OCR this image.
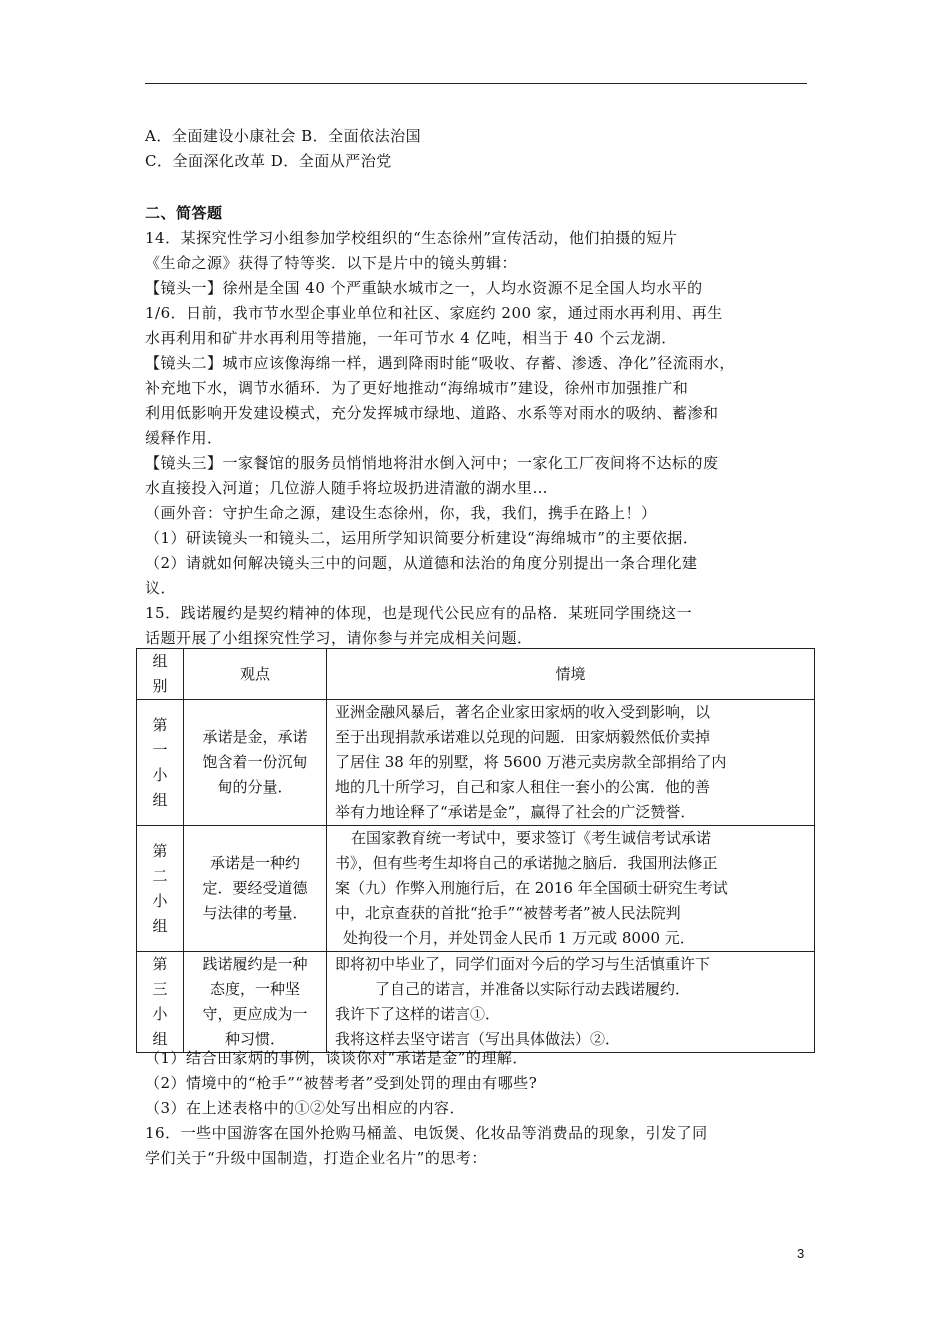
A．全面建设小康社会 B．全面依法治国
C．全面深化改革 D．全面从严治党
二、简答题
14．某探究性学习小组参加学校组织的“生态徐州”宣传活动，他们拍摄的短片
《生命之源》获得了特等奖．以下是片中的镜头剪辑：
【镜头一】徐州是全国 40 个严重缺水城市之一，人均水资源不足全国人均水平的
1/6．日前，我市节水型企事业单位和社区、家庭约 200 家，通过雨水再利用、再生
水再利用和矿井水再利用等措施，一年可节水 4 亿吨，相当于 40 个云龙湖．
【镜头二】城市应该像海绵一样，遇到降雨时能“吸收、存蓄、渗透、净化”径流雨水，
补充地下水，调节水循环．为了更好地推动“海绵城市”建设，徐州市加强推广和
利用低影响开发建设模式，充分发挥城市绿地、道路、水系等对雨水的吸纳、蓄渗和
缓释作用．
【镜头三】一家餐馆的服务员悄悄地将泔水倒入河中；一家化工厂夜间将不达标的废
水直接投入河道；几位游人随手将垃圾扔进清澈的湖水里…
（画外音：守护生命之源，建设生态徐州，你，我，我们，携手在路上！）
（1）研读镜头一和镜头二，运用所学知识简要分析建设“海绵城市”的主要依据．
（2）请就如何解决镜头三中的问题，从道德和法治的角度分别提出一条合理化建
议．
15．践诺履约是契约精神的体现，也是现代公民应有的品格．某班同学围绕这一
话题开展了小组探究性学习，请你参与并完成相关问题．
组
别	观点	情境

第
一
小
组	承诺是金，承诺
饱含着一份沉甸
甸的分量．	亚洲金融风暴后，著名企业家田家炳的收入受到影响，以
至于出现捐款承诺难以兑现的问题．田家炳毅然低价卖掉
了居住 38 年的别墅，将 5600 万港元卖房款全部捐给了内
地的几十所学习，自己和家人租住一套小的公寓．他的善
举有力地诠释了“承诺是金”，赢得了社会的广泛赞誉．

第
二
小
组	承诺是一种约
定．要经受道德
与法律的考量．	在国家教育统一考试中，要求签订《考生诚信考试承诺
书》，但有些考生却将自己的承诺抛之脑后．我国刑法修正
案（九）作弊入刑施行后，在 2016 年全国硕士研究生考试
中，北京查获的首批“抢手”“被替考者”被人民法院判
处拘役一个月，并处罚金人民币 1 万元或 8000 元．

第
三
小
组	践诺履约是一种
态度，一种坚
守，更应成为一
种习惯．	即将初中毕业了，同学们面对今后的学习与生活慎重许下
了自己的诺言，并准备以实际行动去践诺履约．
我许下了这样的诺言①．
我将这样去坚守诺言（写出具体做法）②．
（1）结合田家炳的事例，谈谈你对“承诺是金”的理解．
（2）情境中的“枪手”“被替考者”受到处罚的理由有哪些?
（3）在上述表格中的①②处写出相应的内容．
16．一些中国游客在国外抢购马桶盖、电饭煲、化妆品等消费品的现象，引发了同
学们关于“升级中国制造，打造企业名片”的思考：
3
